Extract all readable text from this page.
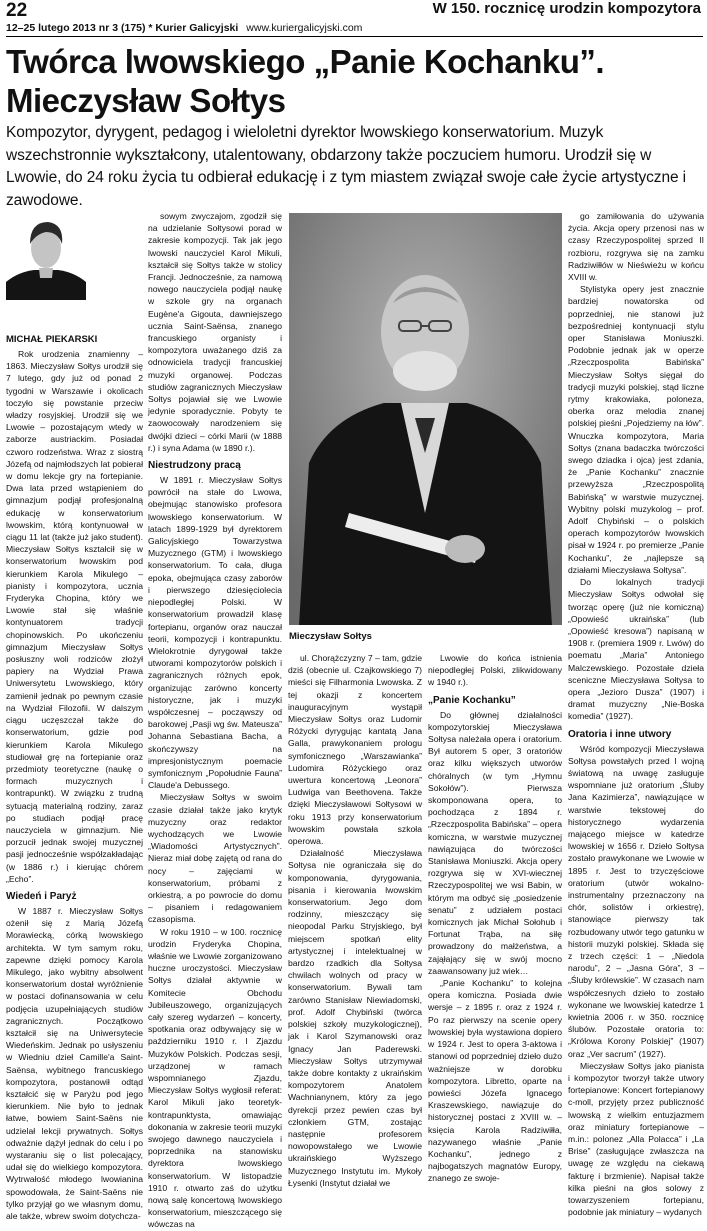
22	W 150. rocznicę urodzin kompozytora
12–25 lutego 2013 nr 3 (175) * Kurier Galicyjski www.kuriergalicyjski.com
Twórca lwowskiego „Panie Kochanku”.
Mieczysław Sołtys

Kompozytor, dyrygent, pedagog i wieloletni dyrektor lwowskiego konserwatorium. Muzyk wszechstronnie wykształcony, utalentowany, obdarzony także poczuciem humoru. Urodził się w Lwowie, do 24 roku życia tu odbierał edukację i z tym miastem związał swoje całe życie artystyczne i zawodowe.

MICHAŁ PIEKARSKI
Mieczysław Sołtys

Rok urodzenia znamienny – 1863. Mieczysław Sołtys urodził się 7 lutego, gdy już od ponad 2 tygodni w Warszawie i okolicach toczyło się powstanie przeciw władzy rosyjskiej. Urodził się we Lwowie – pozostającym wtedy w zaborze austriackim. Posiadał czworo rodzeństwa. Wraz z siostrą Józefą od najmłodszych lat pobierał w domu lekcje gry na fortepianie. Dwa lata przed wstąpieniem do gimnazjum podjął profesjonalną edukację w konserwatorium lwowskim, którą kontynuował w ciągu 11 lat (także już jako student). Mieczysław Sołtys kształcił się w konserwatorium lwowskim pod kierunkiem Karola Mikulego – pianisty i kompozytora, ucznia Fryderyka Chopina, który we Lwowie stał się właśnie kontynuatorem tradycji chopinowskich. Po ukończeniu gimnazjum Mieczysław Sołtys posłuszny woli rodziców złożył papiery na Wydział Prawa Uniwersytetu Lwowskiego, który zamienił jednak po pewnym czasie na Wydział Filozofii. W dalszym ciągu uczęszczał także do konserwatorium, gdzie pod kierunkiem Karola Mikulego studiował grę na fortepianie oraz przedmioty teoretyczne (naukę o formach muzycznych i kontrapunkt). W związku z trudną sytuacją materialną rodziny, zaraz po studiach podjął pracę nauczyciela w gimnazjum. Nie porzucił jednak swojej muzycznej pasji jednocześnie współzakładając (w 1886 r.) i kierując chórem „Echo”.

Wiedeń i Paryż

W 1887 r. Mieczysław Sołtys ożenił się z Marią Józefą Morawiecką, córką lwowskiego architekta. W tym samym roku, zapewne dzięki pomocy Karola Mikulego, jako wybitny absolwent konserwatorium dostał wyróżnienie w postaci dofinansowania w celu podjęcia uzupełniających studiów zagranicznych. Początkowo kształcił się na Uniwersytecie Wiedeńskim. Jednak po usłyszeniu w Wiedniu dzieł Camille'a Saint-Saënsa, wybitnego francuskiego kompozytora, postanowił odtąd kształcić się w Paryżu pod jego kierunkiem. Nie było to jednak łatwe, bowiem Saint-Saëns nie udzielał lekcji prywatnych. Sołtys odważnie dążył jednak do celu i po wystaraniu się o list polecający, udał się do wielkiego kompozytora. Wytrwałość młodego lwowianina spowodowała, że Saint-Saëns nie tylko przyjął go we własnym domu, ale także, wbrew swoim dotychcza-

sowym zwyczajom, zgodził się na udzielanie Sołtysowi porad w zakresie kompozycji. Tak jak jego lwowski nauczyciel Karol Mikuli, kształcił się Sołtys także w stolicy Francji. Jednocześnie, za namową nowego nauczyciela podjął naukę w szkole gry na organach Eugène'a Gigouta, dawniejszego ucznia Saint-Saënsa, znanego francuskiego organisty i kompozytora uważanego dziś za odnowiciela tradycji francuskiej muzyki organowej. Podczas studiów zagranicznych Mieczysław Sołtys pojawiał się we Lwowie jedynie sporadycznie. Pobyty te zaowocowały narodzeniem się dwójki dzieci – córki Marii (w 1888 r.) i syna Adama (w 1890 r.).

Niestrudzony pracą

W 1891 r. Mieczysław Sołtys powrócił na stałe do Lwowa, obejmując stanowisko profesora lwowskiego konserwatorium. W latach 1899-1929 był dyrektorem Galicyjskiego Towarzystwa Muzycznego (GTM) i lwowskiego konserwatorium. To cała, długa epoka, obejmująca czasy zaborów i pierwszego dziesięciolecia niepodległej Polski. W konserwatorium prowadził klasę fortepianu, organów oraz nauczał teorii, kompozycji i kontrapunktu. Wielokrotnie dyrygował także utworami kompozytorów polskich i zagranicznych różnych epok, organizując zarówno koncerty historyczne, jak i muzyki współczesnej – począwszy od barokowej „Pasji wg św. Mateusza” Johanna Sebastiana Bacha, a skończywszy na impresjonistycznym poemacie symfonicznym „Popołudnie Fauna” Claude'a Debussego.

Mieczysław Sołtys w swoim czasie działał także jako krytyk muzyczny oraz redaktor wychodzących we Lwowie „Wiadomości Artystycznych”. Nieraz miał dobę zajętą od rana do nocy – zajęciami w konserwatorium, próbami z orkiestrą, a po powrocie do domu – pisaniem i redagowaniem czasopisma.

W roku 1910 – w 100. rocznicę urodzin Fryderyka Chopina, właśnie we Lwowie zorganizowano huczne uroczystości. Mieczysław Sołtys działał aktywnie w Komitecie Obchodu Jubileuszowego, organizujących cały szereg wydarzeń – koncerty, spotkania oraz odbywający się w październiku 1910 r. I Zjazdu Muzyków Polskich. Podczas sesji, urządzonej w ramach wspomnianego Zjazdu, Mieczysław Sołtys wygłosił referat: Karol Mikuli jako teoretyk-kontrapunktysta, omawiając dokonania w zakresie teorii muzyki swojego dawnego nauczyciela i poprzednika na stanowisku dyrektora lwowskiego konserwatorium. W listopadzie 1910 r. otwarto zaś do użytku nową salę koncertową lwowskiego konserwatorium, mieszczącego się wówczas na

ul. Chorążczyzny 7 – tam, gdzie dziś (obecnie ul. Czajkowskiego 7) mieści się Filharmonia Lwowska. Z tej okazji z koncertem inauguracyjnym wystąpił Mieczysław Sołtys oraz Ludomir Różycki dyrygując kantatą Jana Galla, prawykonaniem prologu symfonicznego „Warszawianka” Ludomira Różyckiego oraz uwertura koncertową „Leonora” Ludwiga van Beethovena. Także dzięki Mieczysławowi Sołtysowi w roku 1913 przy konserwatorium lwowskim powstała szkoła operowa.

Działalność Mieczysława Sołtysa nie ograniczała się do komponowania, dyrygowania, pisania i kierowania lwowskim konserwatorium. Jego dom rodzinny, mieszczący się nieopodal Parku Stryjskiego, był miejscem spotkań elity artystycznej i intelektualnej w bardzo rzadkich dla Sołtysa chwilach wolnych od pracy w konserwatorium. Bywali tam zarówno Stanisław Niewiadomski, prof. Adolf Chybiński (twórca polskiej szkoły muzykologicznej), jak i Karol Szymanowski oraz Ignacy Jan Paderewski. Mieczysław Sołtys utrzymywał także dobre kontakty z ukraińskim kompozytorem Anatolem Wachnianynem, który za jego dyrekcji przez pewien czas był członkiem GTM, zostając następnie profesorem nowopowstałego we Lwowie ukraińskiego Wyższego Muzycznego Instytutu im. Mykoły Łysenki (Instytut działał we

Lwowie do końca istnienia niepodległej Polski, zlikwidowany w 1940 r.).

„Panie Kochanku”

Do głównej działalności kompozytorskiej Mieczysława Sołtysa należała opera i oratorium. Był autorem 5 oper, 3 oratoriów oraz kilku większych utworów chóralnych (w tym „Hymnu Sokołów”). Pierwsza skomponowana opera, to pochodząca z 1894 r. „Rzeczpospolita Babińska” – opera komiczna, w warstwie muzycznej nawiązująca do twórczości Stanisława Moniuszki. Akcja opery rozgrywa się w XVI-wiecznej Rzeczypospolitej we wsi Babin, w którym ma odbyć się „posiedzenie senatu” z udziałem postaci komicznych jak Michał Sołohub i Fortunat Trąba, na siłę prowadzony do małżeństwa, a zająłający się w swój mocno zaawansowany już wiek…

„Panie Kochanku” to kolejna opera komiczna. Posiada dwie wersje – z 1895 r. oraz z 1924 r. Po raz pierwszy na scenie opery lwowskiej była wystawiona dopiero w 1924 r. Jest to opera 3-aktowa i stanowi od poprzedniej dzieło dużo ważniejsze w dorobku kompozytora. Libretto, oparte na powieści Józefa Ignacego Kraszewskiego, nawiązuje do historycznej postaci z XVIII w. – księcia Karola Radziwiłła, nazywanego właśnie „Panie Kochanku”, jednego z najbogatszych magnatów Europy, znanego ze swoje-

go zamiłowania do używania życia. Akcja opery przenosi nas w czasy Rzeczypospolitej sprzed II rozbioru, rozgrywa się na zamku Radziwiłłów w Nieświeżu w końcu XVIII w.

Stylistyka opery jest znacznie bardziej nowatorska od poprzedniej, nie stanowi już bezpośredniej kontynuacji stylu oper Stanisława Moniuszki. Podobnie jednak jak w operze „Rzeczpospolita Babińska” Mieczysław Sołtys sięgał do tradycji muzyki polskiej, stąd liczne rytmy krakowiaka, poloneza, oberka oraz melodia znanej polskiej pieśni „Pojedziemy na łów”. Wnuczka kompozytora, Maria Sołtys (znana badaczka twórczości swego dziadka i ojca) jest zdania, że „Panie Kochanku” znacznie przewyższa „Rzeczpospolitą Babińską” w warstwie muzycznej. Wybitny polski muzykolog – prof. Adolf Chybiński – o polskich operach kompozytorów lwowskich pisał w 1924 r. po premierze „Panie Kochanku”, że „najlepsze są działami Mieczysława Sołtysa”.

Do lokalnych tradycji Mieczysław Sołtys odwołał się tworząc operę (już nie komiczną) „Opowieść ukraińska” (lub „Opowieść kresowa”) napisaną w 1908 r. (premiera 1909 r. Lwów) do poematu „Maria” Antoniego Malczewskiego. Pozostałe dzieła sceniczne Mieczysława Sołtysa to opera „Jezioro Dusza” (1907) i dramat muzyczny „Nie-Boska komedia” (1927).

Oratoria i inne utwory

Wśród kompozycji Mieczysława Sołtysa powstałych przed I wojną światową na uwagę zasługuje wspomniane już oratorium „Śluby Jana Kazimierza”, nawiązujące w warstwie tekstowej do historycznego wydarzenia mającego miejsce w katedrze lwowskiej w 1656 r. Dzieło Sołtysa zostało prawykonane we Lwowie w 1895 r. Jest to trzyczęściowe oratorium (utwór wokalno-instrumentalny przeznaczony na chór, solistów i orkiestrę), stanowiące pierwszy tak rozbudowany utwór tego gatunku w historii muzyki polskiej. Składa się z trzech części: 1 – „Niedola narodu”, 2 – „Jasna Góra”, 3 – „Śluby królewskie”. W czasach nam współczesnych dzieło to zostało wykonane we lwowskiej katedrze 1 kwietnia 2006 r. w 350. rocznicę ślubów. Pozostałe oratoria to: „Królowa Korony Polskiej” (1907) oraz „Ver sacrum” (1927).

Mieczysław Sołtys jako pianista i kompozytor tworzył także utwory fortepianowe: Koncert fortepianowy c-moll, przyjęty przez publiczność lwowską z wielkim entuzjazmem oraz miniatury fortepianowe – m.in.: polonez „Alla Polacca” i „La Brise” (zasługujące zwłaszcza na uwagę ze względu na ciekawą fakturę i brzmienie). Napisał także kilka pieśni na głos solowy z towarzyszeniem fortepianu, podobnie jak miniatury – wydanych
